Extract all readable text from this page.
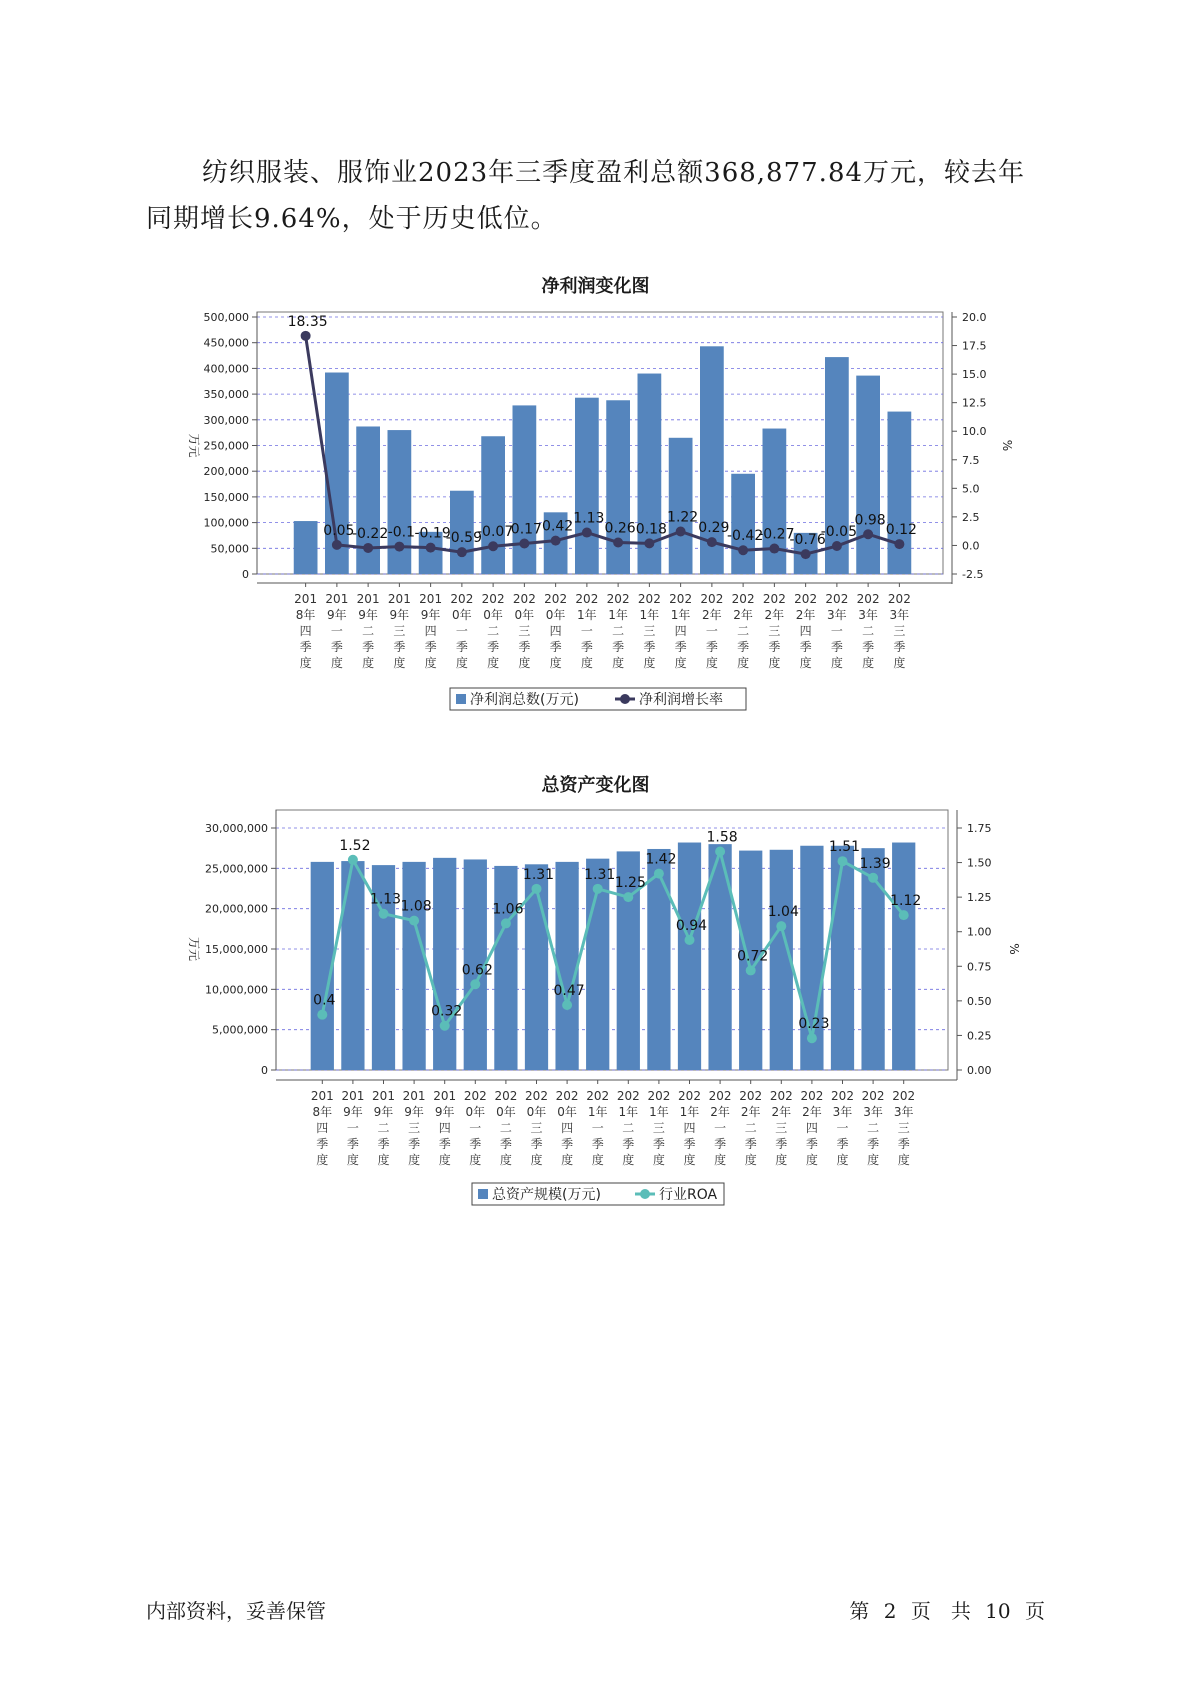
纺织服装、服饰业2023年三季度盈利总额368,877.84万元，较去年同期增长9.64%，处于历史低位。

净利润变化图
0
50,000
100,000
150,000
200,000
250,000
300,000
350,000
400,000
450,000
500,000
万元
-2.5
0.0
2.5
5.0
7.5
10.0
12.5
15.0
17.5
20.0
%
201 8年四季度
201 9年一季度
201 9年二季度
201 9年三季度
201 9年四季度
202 0年一季度
202 0年二季度
202 0年三季度
202 0年四季度
202 1年一季度
202 1年二季度
202 1年三季度
202 1年四季度
202 2年一季度
202 2年二季度
202 2年三季度
202 2年四季度
202 3年一季度
202 3年二季度
202 3年三季度
18.35
0.05
-0.22 -0.1 -0.19
-0.59
-0.07
0.17 0.42
1.13
0.26 0.18
1.22
0.29
-0.42
-0.27
-0.76
-0.05
0.98
0.12
净利润总数(万元)	净利润增长率
总资产变化图
0
5,000,000
10,000,000
15,000,000
20,000,000
25,000,000
30,000,000
万元
0.00
0.25
0.50
0.75
1.00
1.25
1.50
1.75
%
201 8年四季度
201 9年一季度
201 9年二季度
201 9年三季度
201 9年四季度
202 0年一季度
202 0年二季度
202 0年三季度
202 0年四季度
202 1年一季度
202 1年二季度
202 1年三季度
202 1年四季度
202 2年一季度
202 2年二季度
202 2年三季度
202 2年四季度
202 3年一季度
202 3年二季度
202 3年三季度
0.4
1.52
1.13 1.08
0.32
0.62
1.06
1.31
0.47
1.31
1.25
1.42
0.94
1.58
0.72
1.04
0.23
1.51
1.39
1.12
总资产规模(万元)	行业ROA
内部资料，妥善保管	第 2 页　共 10 页
